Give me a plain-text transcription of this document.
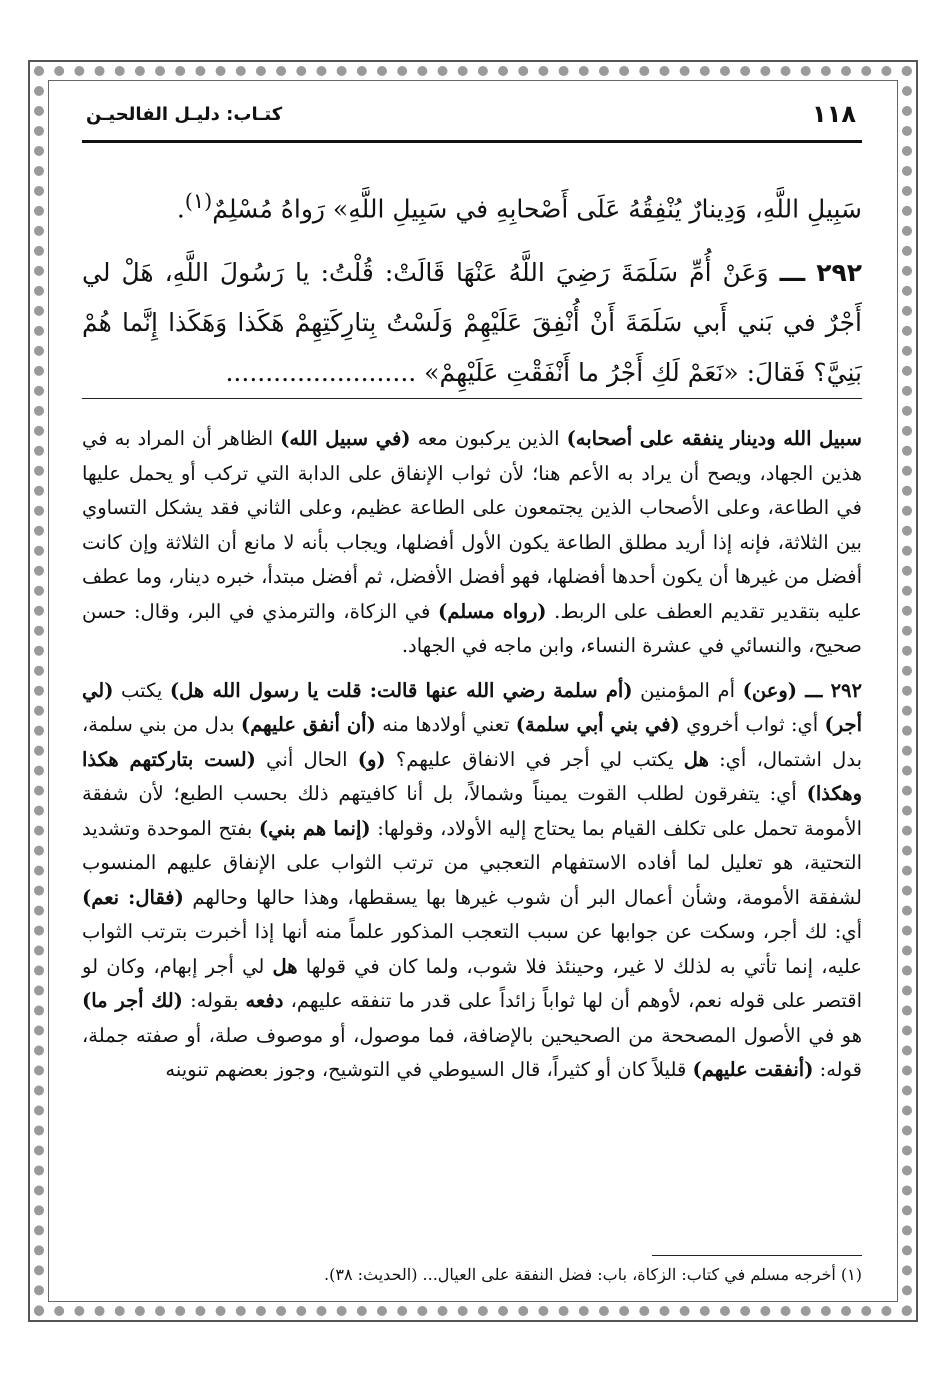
١١٨
كتـاب: دليـل الفالحيـن

سَبِيلِ اللَّهِ، وَدِينارٌ يُنْفِقُهُ عَلَى أَصْحابِهِ في سَبِيلِ اللَّهِ» رَواهُ مُسْلِمٌ$^{(١)}$.

٢٩٢ ـــ وَعَنْ أُمِّ سَلَمَةَ رَضِيَ اللَّهُ عَنْهَا قَالَتْ: قُلْتُ: يا رَسُولَ اللَّهِ، هَلْ لي أَجْرٌ في بَني أَبي سَلَمَةَ أَنْ أُنْفِقَ عَلَيْهِمْ وَلَسْتُ بِتارِكَتِهِمْ هَكَذا وَهَكَذا إِنَّما هُمْ بَنِيَّ؟ فَقالَ: «نَعَمْ لَكِ أَجْرُ ما أَنْفَقْتِ عَلَيْهِمْ» ........................

سبيل الله ودينار ينفقه على أصحابه) الذين يركبون معه (في سبيل الله) الظاهر أن المراد به في هذين الجهاد، ويصح أن يراد به الأعم هنا؛ لأن ثواب الإنفاق على الدابة التي تركب أو يحمل عليها في الطاعة، وعلى الأصحاب الذين يجتمعون على الطاعة عظيم، وعلى الثاني فقد يشكل التساوي بين الثلاثة، فإنه إذا أريد مطلق الطاعة يكون الأول أفضلها، ويجاب بأنه لا مانع أن الثلاثة وإن كانت أفضل من غيرها أن يكون أحدها أفضلها، فهو أفضل الأفضل، ثم أفضل مبتدأ، خبره دينار، وما عطف عليه بتقدير تقديم العطف على الربط. (رواه مسلم) في الزكاة، والترمذي في البر، وقال: حسن صحيح، والنسائي في عشرة النساء، وابن ماجه في الجهاد.

٢٩٢ ـــ (وعن) أم المؤمنين (أم سلمة رضي الله عنها قالت: قلت يا رسول الله هل) يكتب (لي أجر) أي: ثواب أخروي (في بني أبي سلمة) تعني أولادها منه (أن أنفق عليهم) بدل من بني سلمة، بدل اشتمال، أي: هل يكتب لي أجر في الانفاق عليهم؟ (و) الحال أني (لست بتاركتهم هكذا وهكذا) أي: يتفرقون لطلب القوت يميناً وشمالاً، بل أنا كافيتهم ذلك بحسب الطبع؛ لأن شفقة الأمومة تحمل على تكلف القيام بما يحتاج إليه الأولاد، وقولها: (إنما هم بني) بفتح الموحدة وتشديد التحتية، هو تعليل لما أفاده الاستفهام التعجبي من ترتب الثواب على الإنفاق عليهم المنسوب لشفقة الأمومة، وشأن أعمال البر أن شوب غيرها بها يسقطها، وهذا حالها وحالهم (فقال: نعم) أي: لك أجر، وسكت عن جوابها عن سبب التعجب المذكور علماً منه أنها إذا أخبرت بترتب الثواب عليه، إنما تأتي به لذلك لا غير، وحينئذ فلا شوب، ولما كان في قولها هل لي أجر إبهام، وكان لو اقتصر على قوله نعم، لأوهم أن لها ثواباً زائداً على قدر ما تنفقه عليهم، دفعه بقوله: (لك أجر ما) هو في الأصول المصححة من الصحيحين بالإضافة، فما موصول، أو موصوف صلة، أو صفته جملة، قوله: (أنفقت عليهم) قليلاً كان أو كثيراً، قال السيوطي في التوشيح، وجوز بعضهم تنوينه

(١) أخرجه مسلم في كتاب: الزكاة، باب: فضل النفقة على العيال... (الحديث: ٣٨).
